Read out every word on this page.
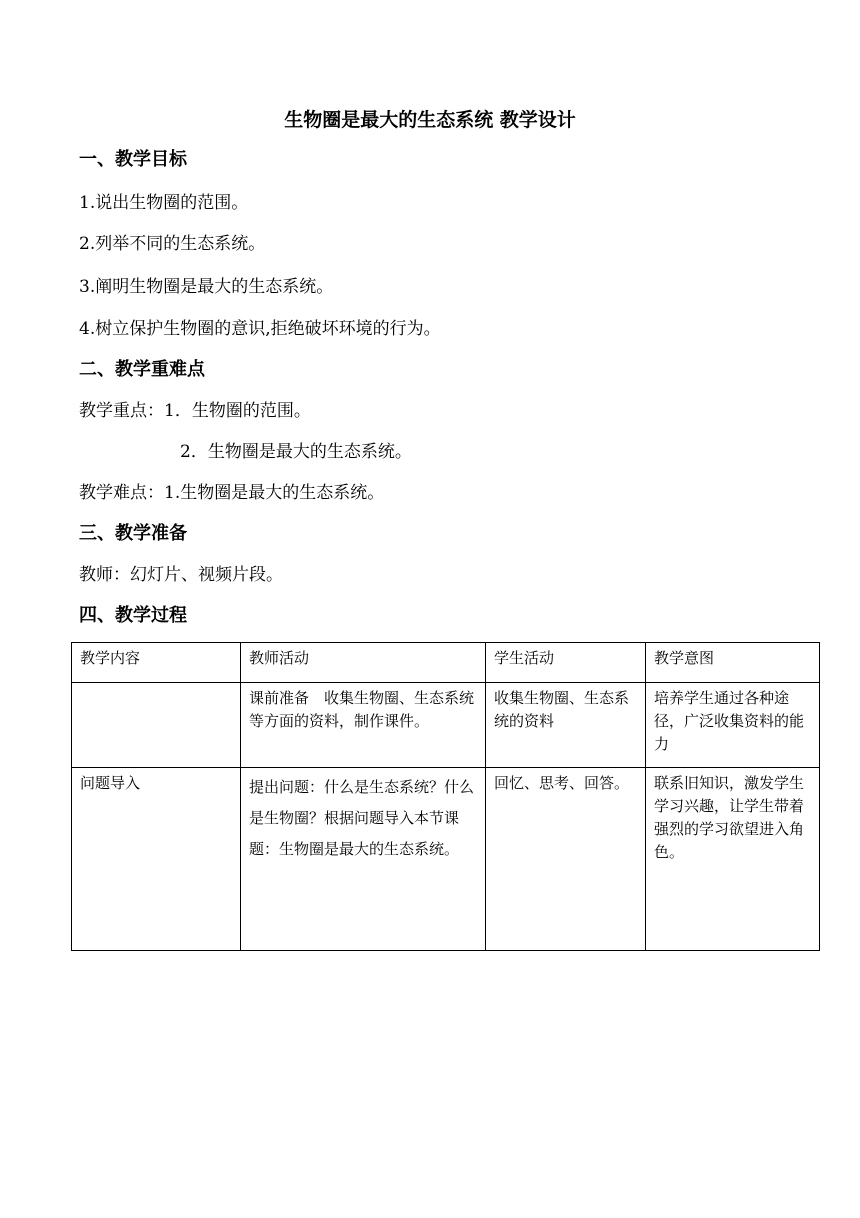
生物圈是最大的生态系统 教学设计
一、教学目标
1.说出生物圈的范围。
2.列举不同的生态系统。
3.阐明生物圈是最大的生态系统。
4.树立保护生物圈的意识,拒绝破坏环境的行为。
二、教学重难点
教学重点：1．生物圈的范围。
2．生物圈是最大的生态系统。
教学难点：1.生物圈是最大的生态系统。
三、教学准备
教师：幻灯片、视频片段。
四、教学过程
教学内容	教师活动	学生活动	教学意图
	课前准备　收集生物圈、生态系统等方面的资料，制作课件。	收集生物圈、生态系统的资料	培养学生通过各种途径，广泛收集资料的能力
问题导入	提出问题：什么是生态系统？什么是生物圈？根据问题导入本节课题：生物圈是最大的生态系统。	回忆、思考、回答。	联系旧知识，激发学生学习兴趣，让学生带着强烈的学习欲望进入角色。
